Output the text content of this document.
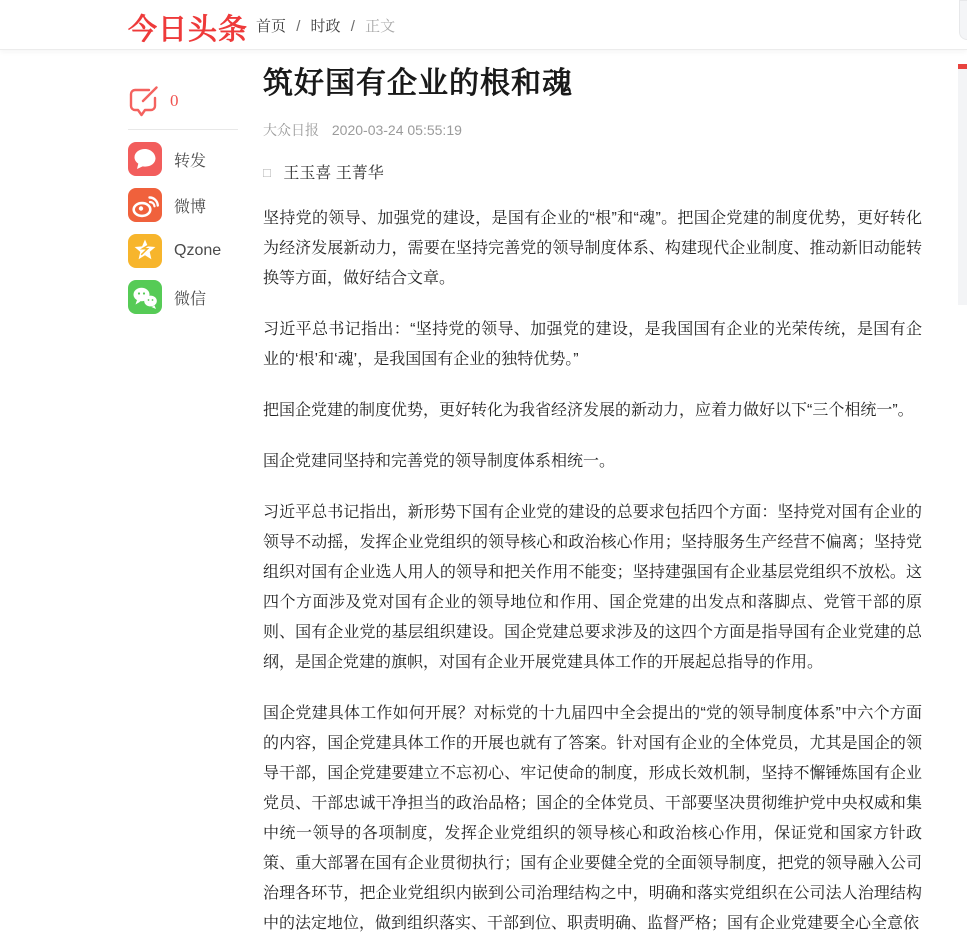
今日头条 首页 / 时政 / 正文
0
转发
微博
Qzone
微信
筑好国有企业的根和魂
大众日报 2020-03-24 05:55:19
□ 王玉喜 王菁华

坚持党的领导、加强党的建设，是国有企业的“根”和“魂”。把国企党建的制度优势，更好转化为经济发展新动力，需要在坚持完善党的领导制度体系、构建现代企业制度、推动新旧动能转换等方面，做好结合文章。

习近平总书记指出：“坚持党的领导、加强党的建设，是我国国有企业的光荣传统，是国有企业的‘根’和‘魂’，是我国国有企业的独特优势。”

把国企党建的制度优势，更好转化为我省经济发展的新动力，应着力做好以下“三个相统一”。

国企党建同坚持和完善党的领导制度体系相统一。

习近平总书记指出，新形势下国有企业党的建设的总要求包括四个方面：坚持党对国有企业的领导不动摇，发挥企业党组织的领导核心和政治核心作用；坚持服务生产经营不偏离；坚持党组织对国有企业选人用人的领导和把关作用不能变；坚持建强国有企业基层党组织不放松。这四个方面涉及党对国有企业的领导地位和作用、国企党建的出发点和落脚点、党管干部的原则、国有企业党的基层组织建设。国企党建总要求涉及的这四个方面是指导国有企业党建的总纲，是国企党建的旗帜，对国有企业开展党建具体工作的开展起总指导的作用。

国企党建具体工作如何开展？对标党的十九届四中全会提出的“党的领导制度体系”中六个方面的内容，国企党建具体工作的开展也就有了答案。针对国有企业的全体党员，尤其是国企的领导干部，国企党建要建立不忘初心、牢记使命的制度，形成长效机制，坚持不懈锤炼国有企业党员、干部忠诚干净担当的政治品格；国企的全体党员、干部要坚决贯彻维护党中央权威和集中统一领导的各项制度，发挥企业党组织的领导核心和政治核心作用，保证党和国家方针政策、重大部署在国有企业贯彻执行；国有企业要健全党的全面领导制度，把党的领导融入公司治理各环节，把企业党组织内嵌到公司治理结构之中，明确和落实党组织在公司法人治理结构中的法定地位，做到组织落实、干部到位、职责明确、监督严格；国有企业党建要全心全意依
